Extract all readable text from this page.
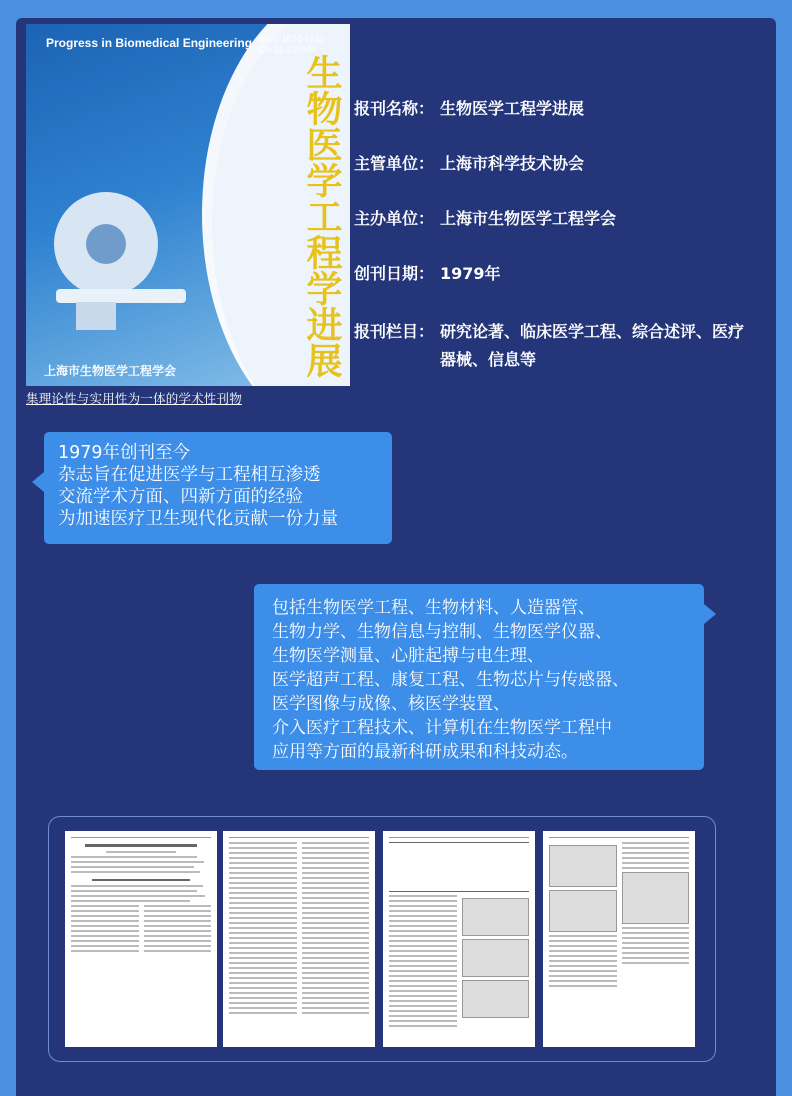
Progress in Biomedical Engineering ISSN 1674-1242
CN 31-1999/R
生物医学工程学进展
上海市生物医学工程学会
集理论性与实用性为一体的学术性刊物
报刊名称： 生物医学工程学进展
主管单位： 上海市科学技术协会
主办单位： 上海市生物医学工程学会
创刊日期： 1979年
报刊栏目： 研究论著、临床医学工程、综合述评、医疗器械、信息等
1979年创刊至今
杂志旨在促进医学与工程相互渗透
交流学术方面、四新方面的经验
为加速医疗卫生现代化贡献一份力量
包括生物医学工程、生物材料、人造器管、
生物力学、生物信息与控制、生物医学仪器、
生物医学测量、心脏起搏与电生理、
医学超声工程、康复工程、生物芯片与传感器、
医学图像与成像、核医学装置、
介入医疗工程技术、计算机在生物医学工程中
应用等方面的最新科研成果和科技动态。
